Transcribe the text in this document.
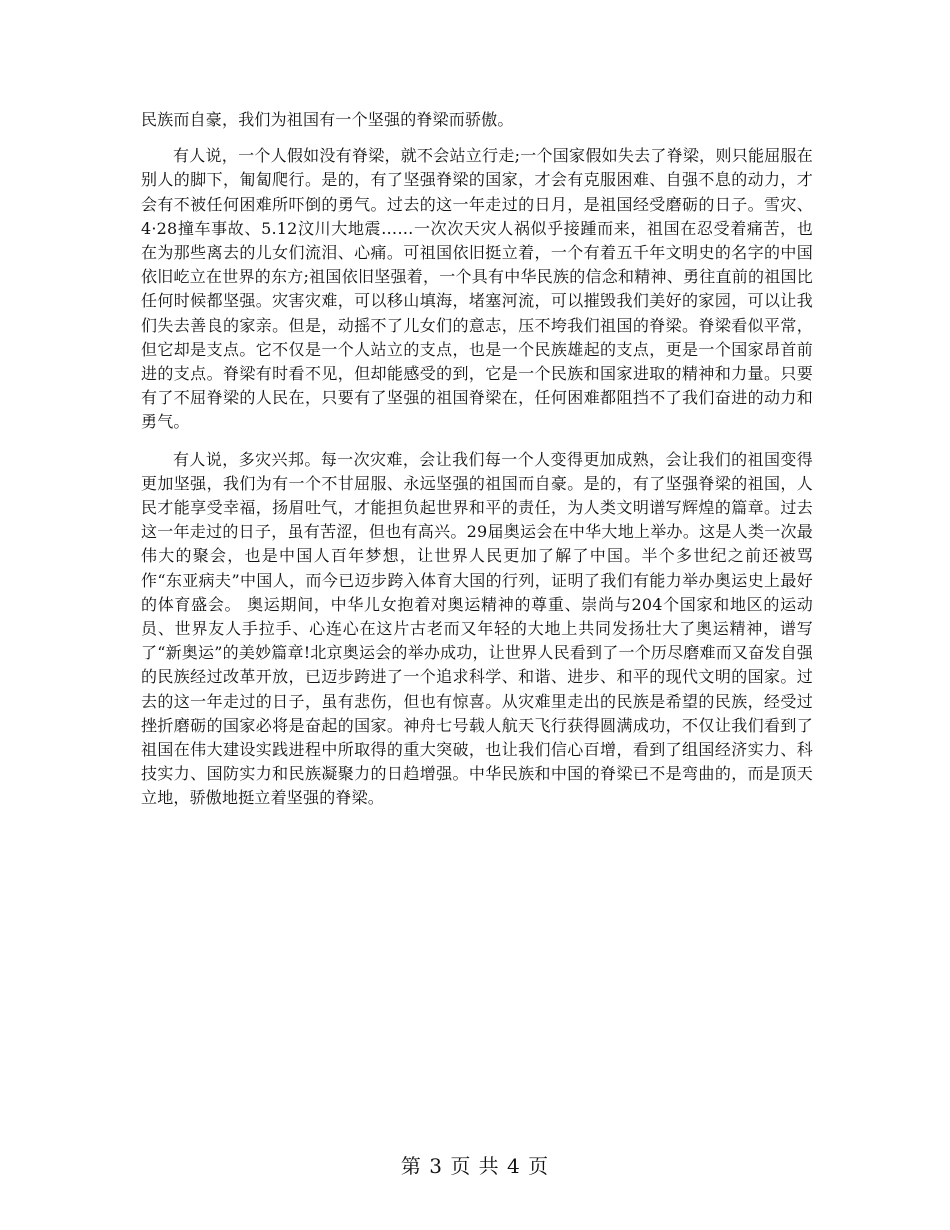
民族而自豪，我们为祖国有一个坚强的脊梁而骄傲。

有人说，一个人假如没有脊梁，就不会站立行走;一个国家假如失去了脊梁，则只能屈服在别人的脚下，匍匐爬行。是的，有了坚强脊梁的国家，才会有克服困难、自强不息的动力，才会有不被任何困难所吓倒的勇气。过去的这一年走过的日月，是祖国经受磨砺的日子。雪灾、4·28撞车事故、5.12汶川大地震……一次次天灾人祸似乎接踵而来，祖国在忍受着痛苦，也在为那些离去的儿女们流泪、心痛。可祖国依旧挺立着，一个有着五千年文明史的名字的中国依旧屹立在世界的东方;祖国依旧坚强着，一个具有中华民族的信念和精神、勇往直前的祖国比任何时候都坚强。灾害灾难，可以移山填海，堵塞河流，可以摧毁我们美好的家园，可以让我们失去善良的家亲。但是，动摇不了儿女们的意志，压不垮我们祖国的脊梁。脊梁看似平常，但它却是支点。它不仅是一个人站立的支点，也是一个民族雄起的支点，更是一个国家昂首前进的支点。脊梁有时看不见，但却能感受的到，它是一个民族和国家进取的精神和力量。只要有了不屈脊梁的人民在，只要有了坚强的祖国脊梁在，任何困难都阻挡不了我们奋进的动力和勇气。

有人说，多灾兴邦。每一次灾难，会让我们每一个人变得更加成熟，会让我们的祖国变得更加坚强，我们为有一个不甘屈服、永远坚强的祖国而自豪。是的，有了坚强脊梁的祖国，人民才能享受幸福，扬眉吐气，才能担负起世界和平的责任，为人类文明谱写辉煌的篇章。过去这一年走过的日子，虽有苦涩，但也有高兴。29届奥运会在中华大地上举办。这是人类一次最伟大的聚会，也是中国人百年梦想，让世界人民更加了解了中国。半个多世纪之前还被骂作“东亚病夫”中国人，而今已迈步跨入体育大国的行列，证明了我们有能力举办奥运史上最好的体育盛会。 奥运期间，中华儿女抱着对奥运精神的尊重、崇尚与204个国家和地区的运动员、世界友人手拉手、心连心在这片古老而又年轻的大地上共同发扬壮大了奥运精神，谱写了“新奥运”的美妙篇章!北京奥运会的举办成功，让世界人民看到了一个历尽磨难而又奋发自强的民族经过改革开放，已迈步跨进了一个追求科学、和谐、进步、和平的现代文明的国家。过去的这一年走过的日子，虽有悲伤，但也有惊喜。从灾难里走出的民族是希望的民族，经受过挫折磨砺的国家必将是奋起的国家。神舟七号载人航天飞行获得圆满成功，不仅让我们看到了祖国在伟大建设实践进程中所取得的重大突破，也让我们信心百增，看到了组国经济实力、科技实力、国防实力和民族凝聚力的日趋增强。中华民族和中国的脊梁已不是弯曲的，而是顶天立地，骄傲地挺立着坚强的脊梁。

第 3 页 共 4 页
